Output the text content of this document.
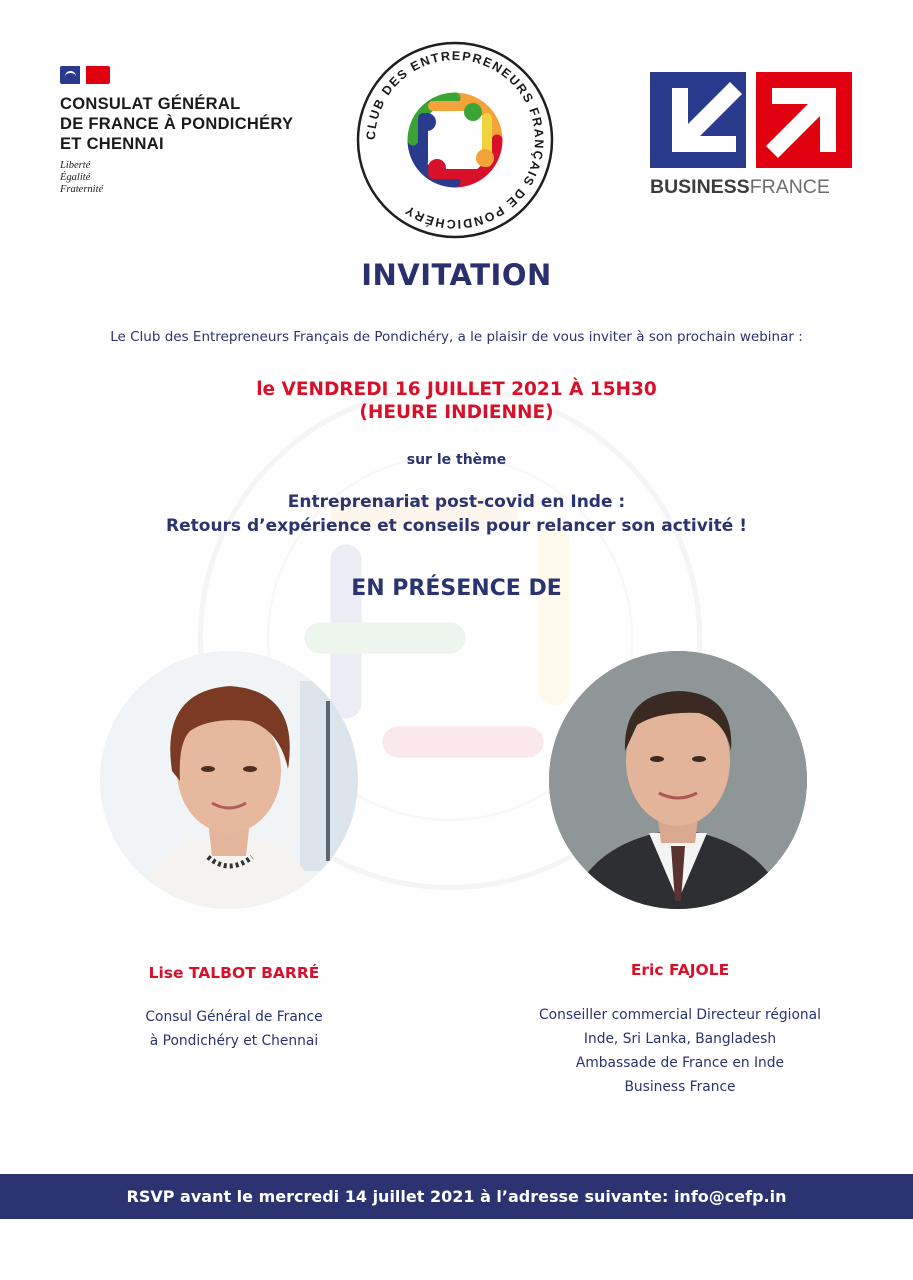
CONSULAT GÉNÉRAL
DE FRANCE À PONDICHÉRY
ET CHENNAI
Liberté
Égalité
Fraternité
CLUB DES ENTREPRENEURS FRANÇAIS DE PONDICHÉRY
BUSINESSFRANCE
INVITATION
Le Club des Entrepreneurs Français de Pondichéry, a le plaisir de vous inviter à son prochain webinar :
le VENDREDI 16 JUILLET 2021 À 15H30
(HEURE INDIENNE)
sur le thème
Entreprenariat post-covid en Inde :
Retours d’expérience et conseils pour relancer son activité !
EN PRÉSENCE DE
Lise TALBOT BARRÉ
Consul Général de France
à Pondichéry et Chennai
Eric FAJOLE
Conseiller commercial Directeur régional
Inde, Sri Lanka, Bangladesh
Ambassade de France en Inde
Business France
RSVP avant le mercredi 14 juillet 2021 à l’adresse suivante: info@cefp.in
